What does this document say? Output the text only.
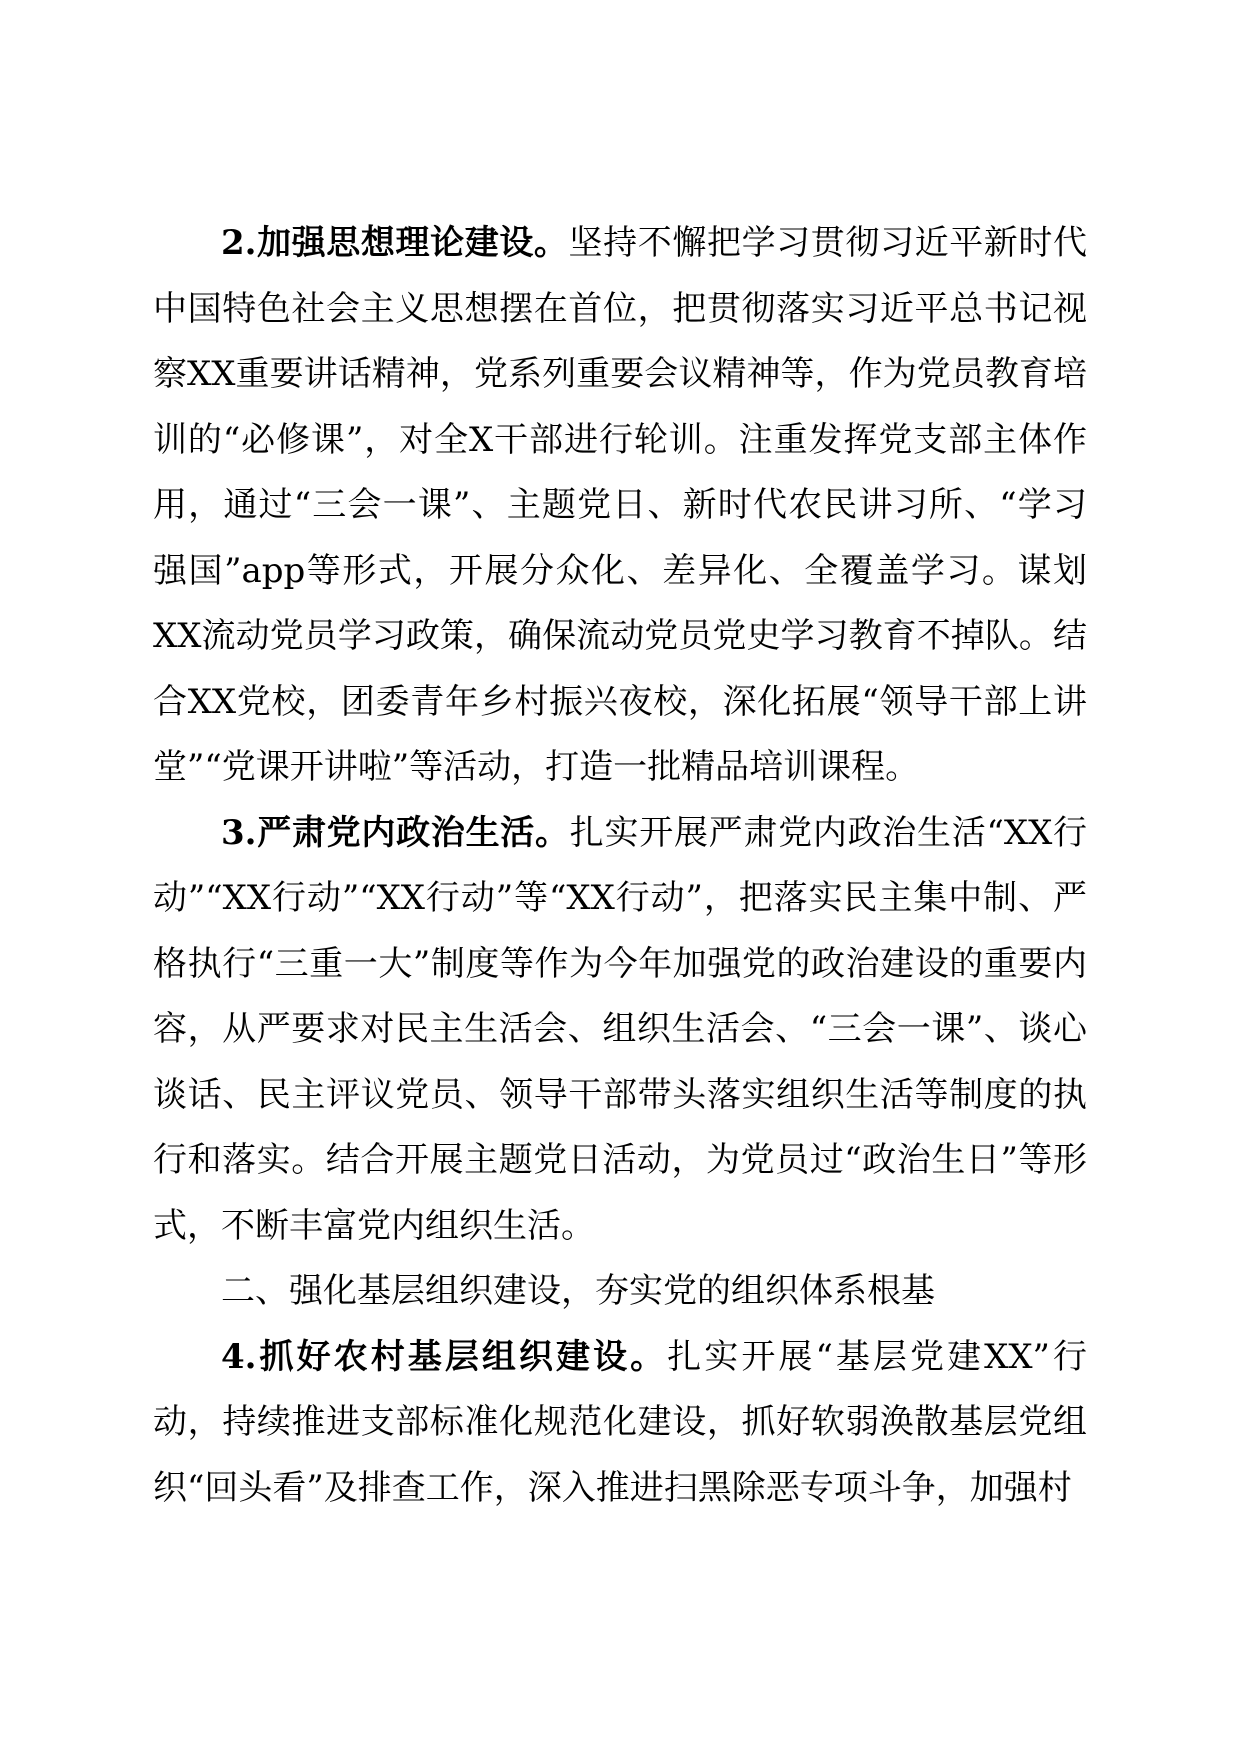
2.加强思想理论建设。坚持不懈把学习贯彻习近平新时代中国特色社会主义思想摆在首位，把贯彻落实习近平总书记视察XX重要讲话精神，党系列重要会议精神等，作为党员教育培训的“必修课”，对全X干部进行轮训。注重发挥党支部主体作用，通过“三会一课”、主题党日、新时代农民讲习所、“学习强国”app等形式，开展分众化、差异化、全覆盖学习。谋划XX流动党员学习政策，确保流动党员党史学习教育不掉队。结合XX党校，团委青年乡村振兴夜校，深化拓展“领导干部上讲堂”“党课开讲啦”等活动，打造一批精品培训课程。

3.严肃党内政治生活。扎实开展严肃党内政治生活“XX行动”“XX行动”“XX行动”等“XX行动”，把落实民主集中制、严格执行“三重一大”制度等作为今年加强党的政治建设的重要内容，从严要求对民主生活会、组织生活会、“三会一课”、谈心谈话、民主评议党员、领导干部带头落实组织生活等制度的执行和落实。结合开展主题党日活动，为党员过“政治生日”等形式，不断丰富党内组织生活。

二、强化基层组织建设，夯实党的组织体系根基

4.抓好农村基层组织建设。扎实开展“基层党建XX”行动，持续推进支部标准化规范化建设，抓好软弱涣散基层党组织“回头看”及排查工作，深入推进扫黑除恶专项斗争，加强村
